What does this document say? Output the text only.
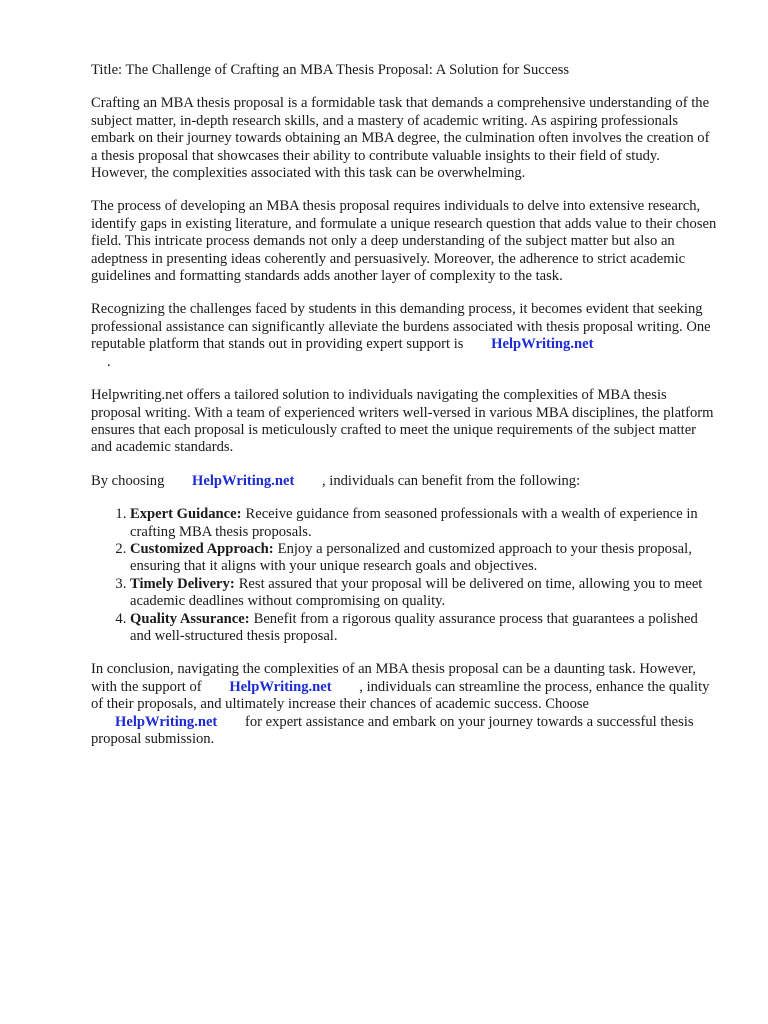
Title: The Challenge of Crafting an MBA Thesis Proposal: A Solution for Success

Crafting an MBA thesis proposal is a formidable task that demands a comprehensive understanding of the subject matter, in-depth research skills, and a mastery of academic writing. As aspiring professionals embark on their journey towards obtaining an MBA degree, the culmination often involves the creation of a thesis proposal that showcases their ability to contribute valuable insights to their field of study. However, the complexities associated with this task can be overwhelming.

The process of developing an MBA thesis proposal requires individuals to delve into extensive research, identify gaps in existing literature, and formulate a unique research question that adds value to their chosen field. This intricate process demands not only a deep understanding of the subject matter but also an adeptness in presenting ideas coherently and persuasively. Moreover, the adherence to strict academic guidelines and formatting standards adds another layer of complexity to the task.

Recognizing the challenges faced by students in this demanding process, it becomes evident that seeking professional assistance can significantly alleviate the burdens associated with thesis proposal writing. One reputable platform that stands out in providing expert support is HelpWriting.net
.

Helpwriting.net offers a tailored solution to individuals navigating the complexities of MBA thesis proposal writing. With a team of experienced writers well-versed in various MBA disciplines, the platform ensures that each proposal is meticulously crafted to meet the unique requirements of the subject matter and academic standards.

By choosing HelpWriting.net , individuals can benefit from the following:

1. Expert Guidance: Receive guidance from seasoned professionals with a wealth of experience in crafting MBA thesis proposals.
2. Customized Approach: Enjoy a personalized and customized approach to your thesis proposal, ensuring that it aligns with your unique research goals and objectives.
3. Timely Delivery: Rest assured that your proposal will be delivered on time, allowing you to meet academic deadlines without compromising on quality.
4. Quality Assurance: Benefit from a rigorous quality assurance process that guarantees a polished and well-structured thesis proposal.

In conclusion, navigating the complexities of an MBA thesis proposal can be a daunting task. However, with the support of HelpWriting.net , individuals can streamline the process, enhance the quality of their proposals, and ultimately increase their chances of academic success. Choose HelpWriting.net for expert assistance and embark on your journey towards a successful thesis proposal submission.
